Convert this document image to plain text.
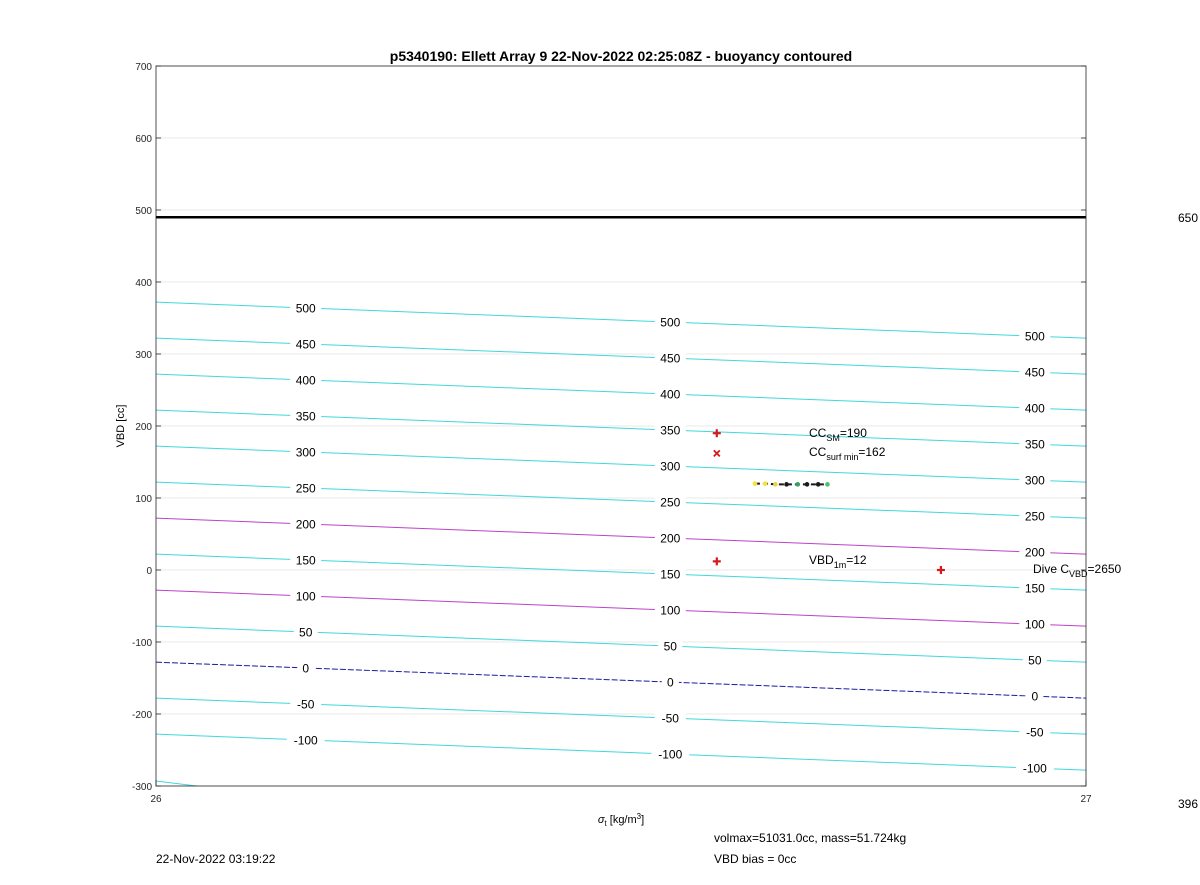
-100
-100
-100
-50
-50
-50
0
0
0
50
50
50
100
100
100
150
150
150
200
200
200
250
250
250
300
300
300
350
350
350
400
400
400
450
450
450
500
500
500
-300
-200
-100
0
100
200
300
400
500
600
700
26	27
p5340190: Ellett Array 9 22-Nov-2022 02:25:08Z - buoyancy contoured
VBD [cc]
$\sigma_t$ $[kg/m^3]$
$CC_{SM}=190$
$CC_{surf min}=162$
$VBD_{1m}=12$
Dive $C_{VBD}=2650$
650
396
22-Nov-2022 03:19:22
volmax=51031.0cc, mass=51.724kg
VBD bias = 0cc
